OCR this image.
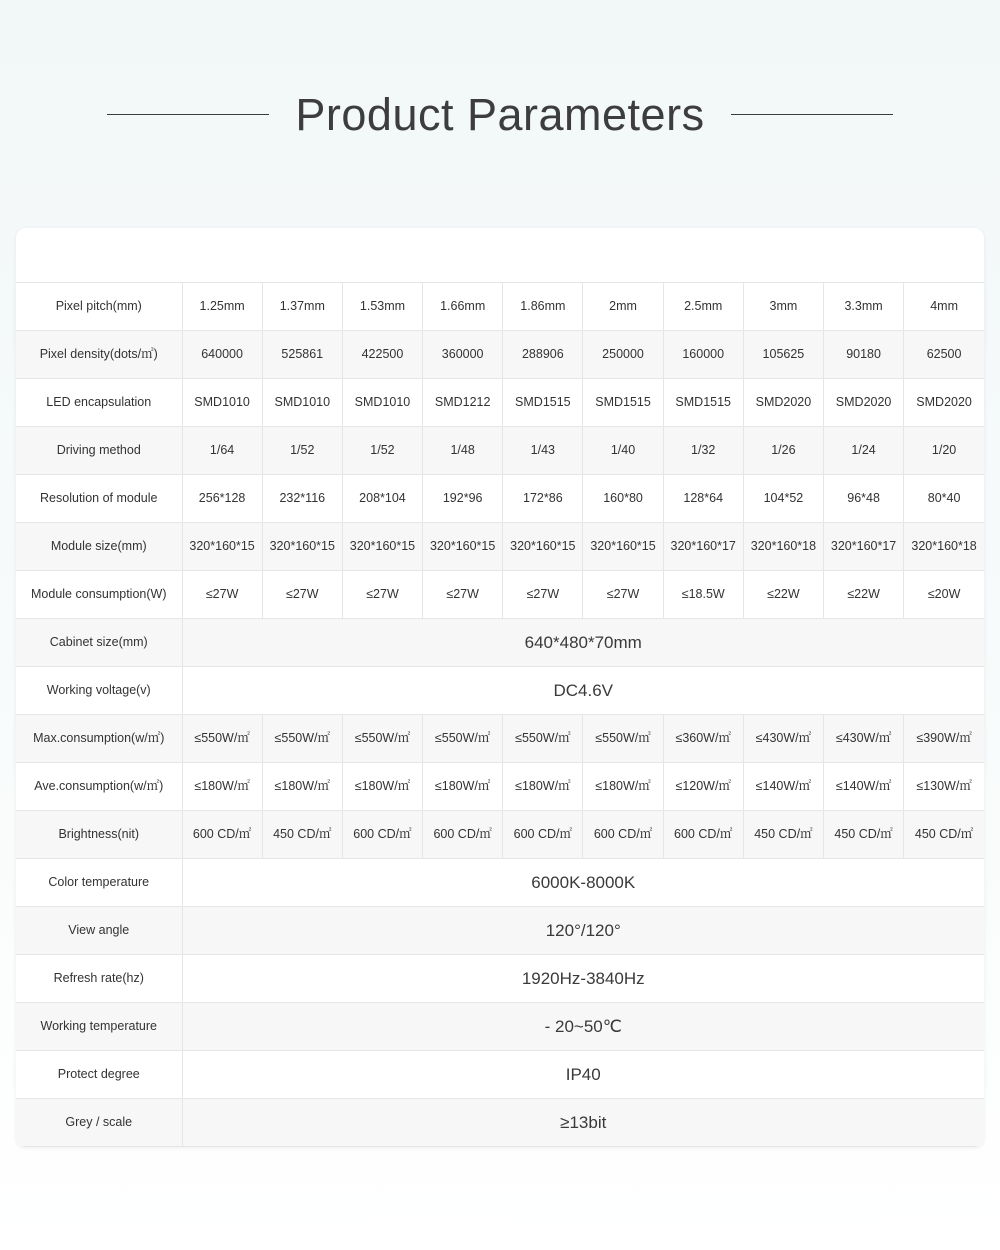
Product Parameters
Pixel pitch(mm)	1.25mm	1.37mm	1.53mm	1.66mm	1.86mm	2mm	2.5mm	3mm	3.3mm	4mm
Pixel density(dots/㎡)	640000	525861	422500	360000	288906	250000	160000	105625	90180	62500
LED encapsulation	SMD1010	SMD1010	SMD1010	SMD1212	SMD1515	SMD1515	SMD1515	SMD2020	SMD2020	SMD2020
Driving method	1/64	1/52	1/52	1/48	1/43	1/40	1/32	1/26	1/24	1/20
Resolution of module	256*128	232*116	208*104	192*96	172*86	160*80	128*64	104*52	96*48	80*40
Module size(mm)	320*160*15	320*160*15	320*160*15	320*160*15	320*160*15	320*160*15	320*160*17	320*160*18	320*160*17	320*160*18
Module consumption(W)	≤27W	≤27W	≤27W	≤27W	≤27W	≤27W	≤18.5W	≤22W	≤22W	≤20W
Cabinet size(mm)	640*480*70mm									
Working voltage(v)	DC4.6V									
Max.consumption(w/㎡)	≤550W/㎡	≤550W/㎡	≤550W/㎡	≤550W/㎡	≤550W/㎡	≤550W/㎡	≤360W/㎡	≤430W/㎡	≤430W/㎡	≤390W/㎡
Ave.consumption(w/㎡)	≤180W/㎡	≤180W/㎡	≤180W/㎡	≤180W/㎡	≤180W/㎡	≤180W/㎡	≤120W/㎡	≤140W/㎡	≤140W/㎡	≤130W/㎡
Brightness(nit)	600 CD/㎡	450 CD/㎡	600 CD/㎡	600 CD/㎡	600 CD/㎡	600 CD/㎡	600 CD/㎡	450 CD/㎡	450 CD/㎡	450 CD/㎡
Color temperature	6000K-8000K									
View angle	120°/120°									
Refresh rate(hz)	1920Hz-3840Hz									
Working temperature	- 20~50℃									
Protect degree	IP40									
Grey / scale	≥13bit									
